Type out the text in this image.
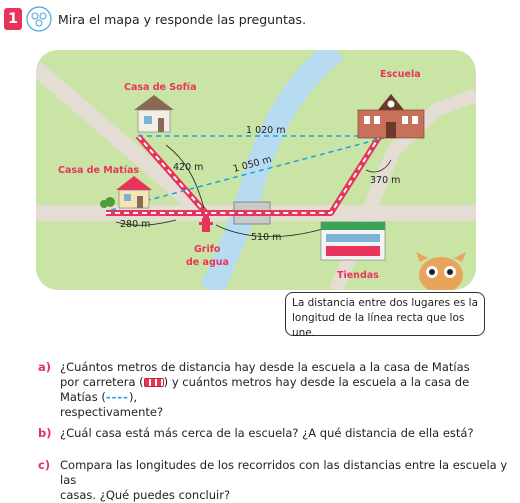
1	Mira el mapa y responde las preguntas.
Casa de Sofía
Casa de Matías
Escuela
Grifo
de agua
Tiendas
1 020 m
420 m	1 050 m
370 m
280 m
510 m
La distancia entre dos lugares es la
longitud de la línea recta que los une.
a) ¿Cuántos metros de distancia hay desde la escuela a la casa de Matías
por carretera ( ) y cuántos metros hay desde la escuela a la casa de Matías (----),
respectivamente?
b) ¿Cuál casa está más cerca de la escuela? ¿A qué distancia de ella está?
c) Compara las longitudes de los recorridos con las distancias entre la escuela y las
casas. ¿Qué puedes concluir?
